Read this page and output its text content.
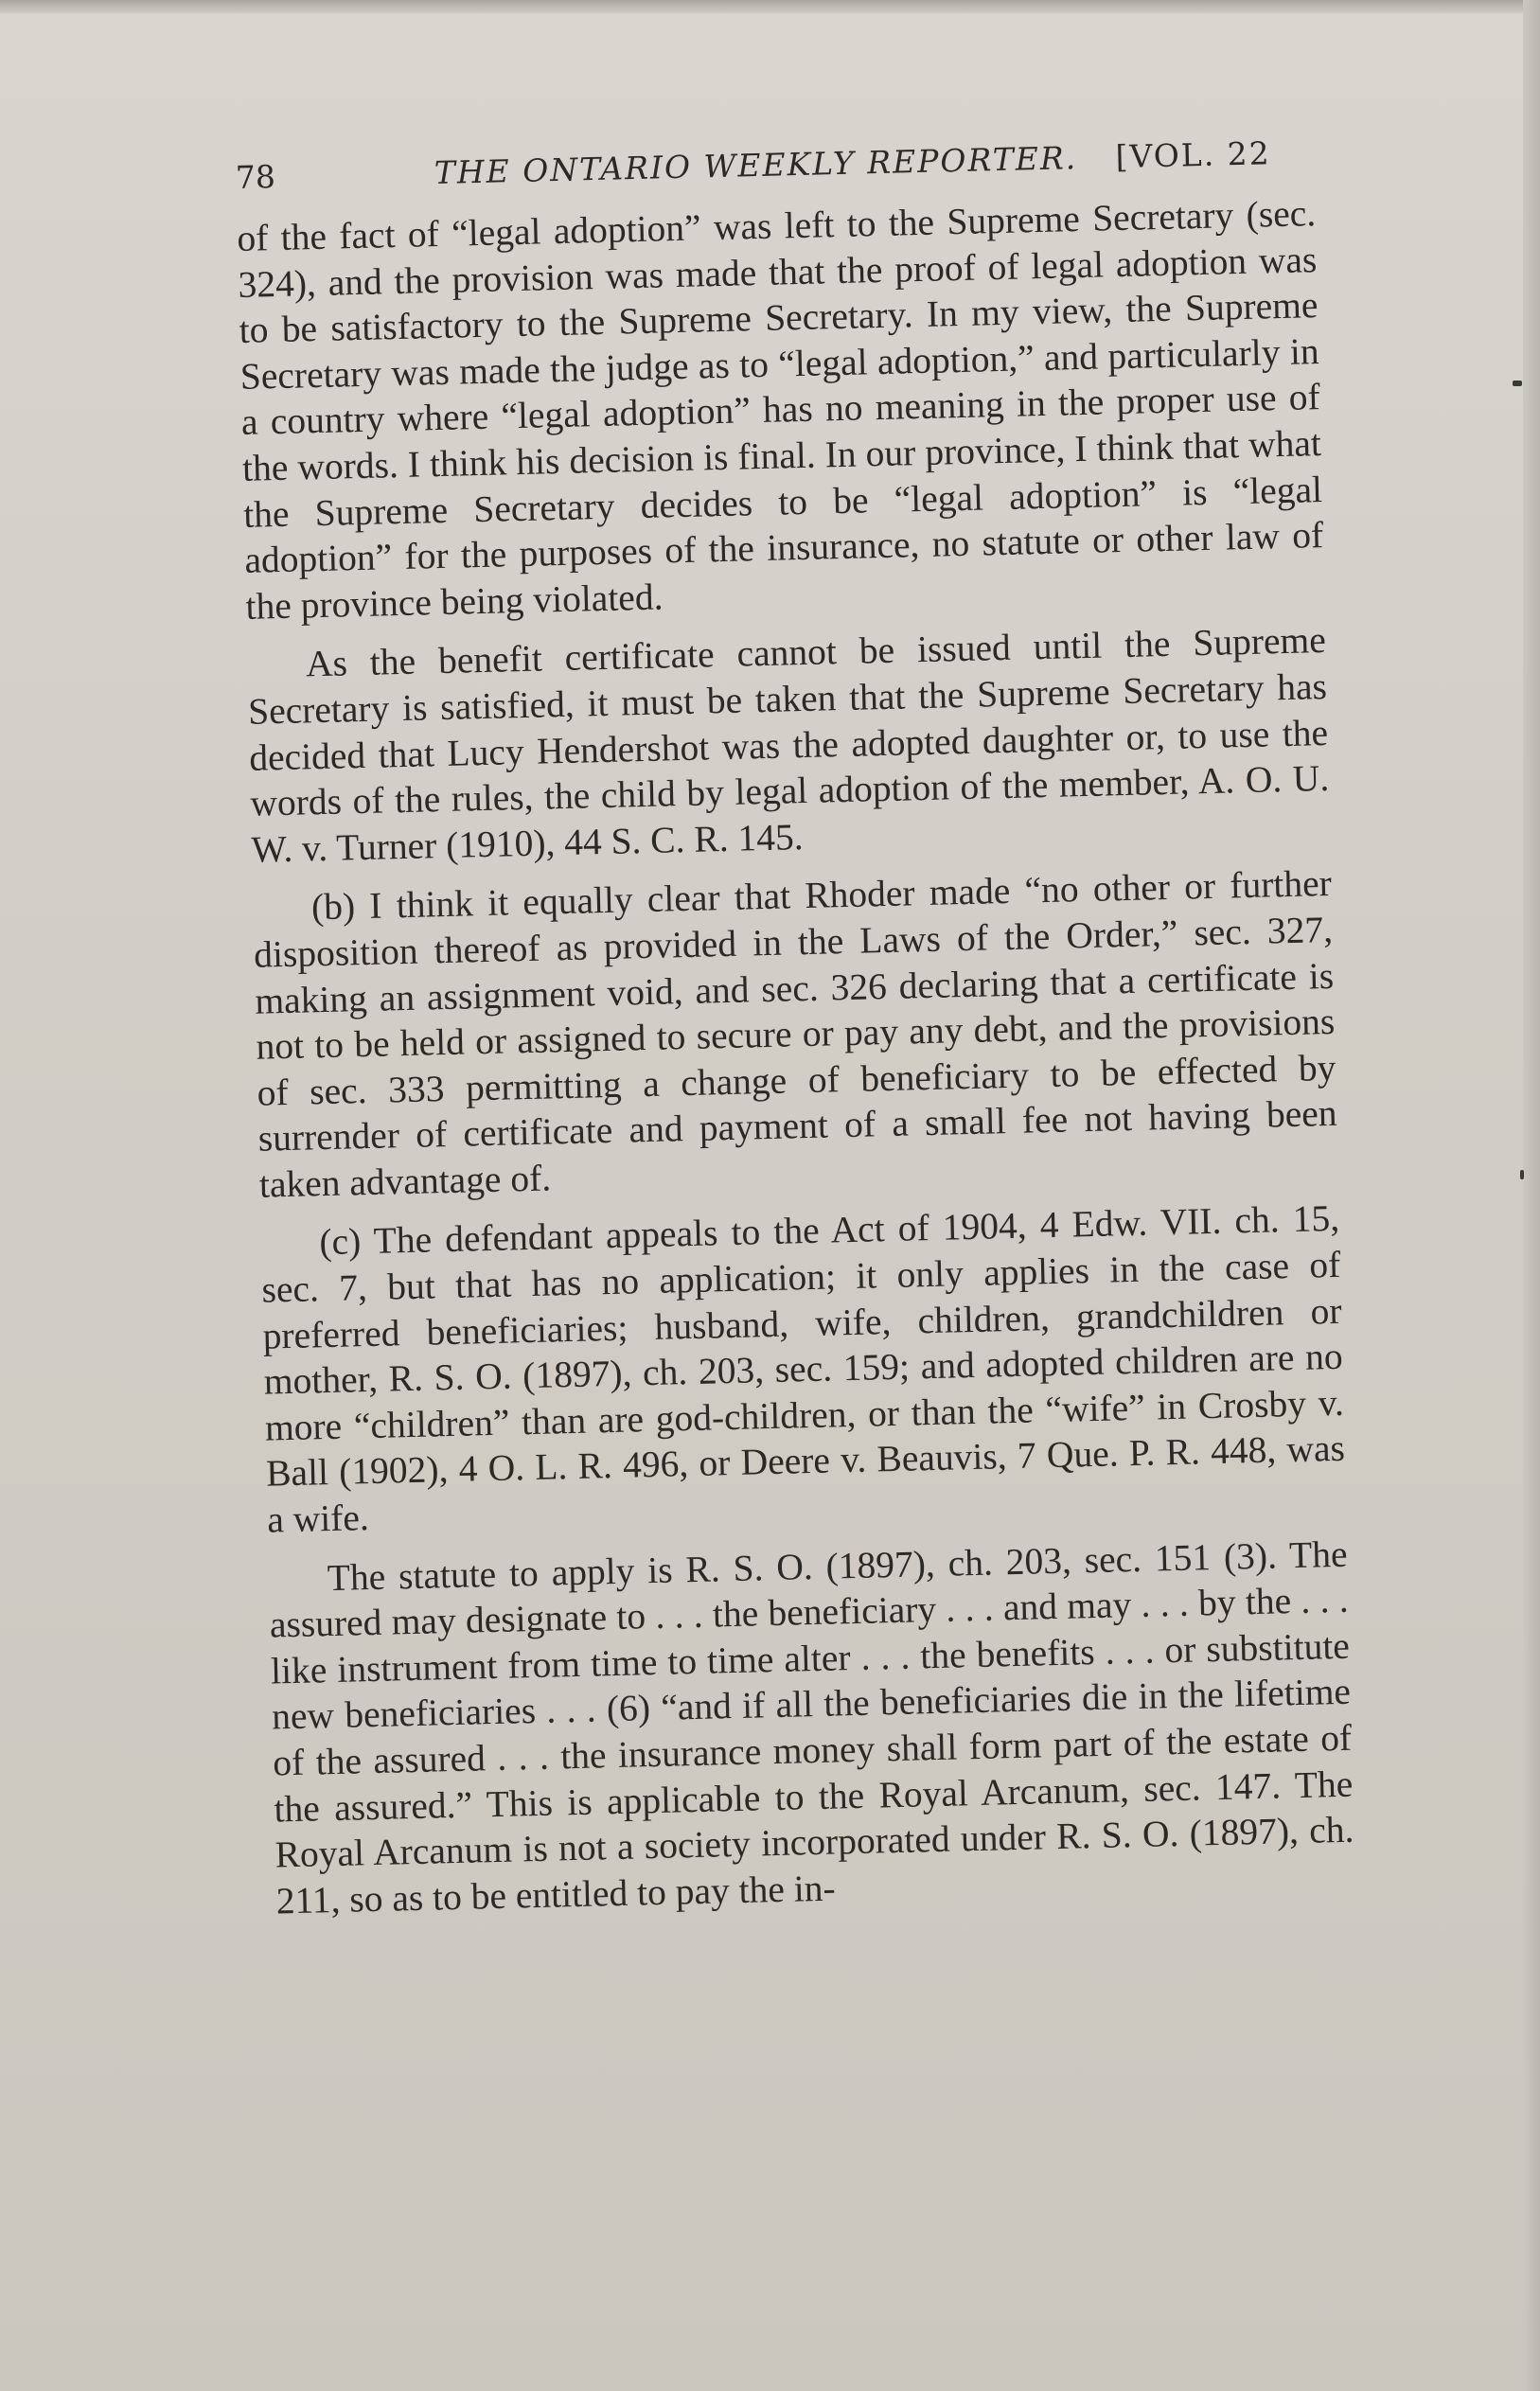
78	THE ONTARIO WEEKLY REPORTER. [VOL. 22

of the fact of “legal adoption” was left to the Supreme Secretary (sec. 324), and the provision was made that the proof of legal adoption was to be satisfactory to the Supreme Secretary. In my view, the Supreme Secretary was made the judge as to “legal adoption,” and particularly in a country where “legal adoption” has no meaning in the proper use of the words. I think his decision is final. In our province, I think that what the Supreme Secretary decides to be “legal adoption” is “legal adoption” for the purposes of the insurance, no statute or other law of the province being violated.

As the benefit certificate cannot be issued until the Supreme Secretary is satisfied, it must be taken that the Supreme Secretary has decided that Lucy Hendershot was the adopted daughter or, to use the words of the rules, the child by legal adoption of the member, A. O. U. W. v. Turner (1910), 44 S. C. R. 145.

(b) I think it equally clear that Rhoder made “no other or further disposition thereof as provided in the Laws of the Order,” sec. 327, making an assignment void, and sec. 326 declaring that a certificate is not to be held or assigned to secure or pay any debt, and the provisions of sec. 333 permitting a change of beneficiary to be effected by surrender of certificate and payment of a small fee not having been taken advantage of.

(c) The defendant appeals to the Act of 1904, 4 Edw. VII. ch. 15, sec. 7, but that has no application; it only applies in the case of preferred beneficiaries; husband, wife, children, grandchildren or mother, R. S. O. (1897), ch. 203, sec. 159; and adopted children are no more “children” than are god-children, or than the “wife” in Crosby v. Ball (1902), 4 O. L. R. 496, or Deere v. Beauvis, 7 Que. P. R. 448, was a wife.

The statute to apply is R. S. O. (1897), ch. 203, sec. 151 (3). The assured may designate to . . . the beneficiary . . . and may . . . by the . . . like instrument from time to time alter . . . the benefits . . . or substitute new beneficiaries . . . (6) “and if all the beneficiaries die in the lifetime of the assured . . . the insurance money shall form part of the estate of the assured.” This is applicable to the Royal Arcanum, sec. 147. The Royal Arcanum is not a society incorporated under R. S. O. (1897), ch. 211, so as to be entitled to pay the in-
